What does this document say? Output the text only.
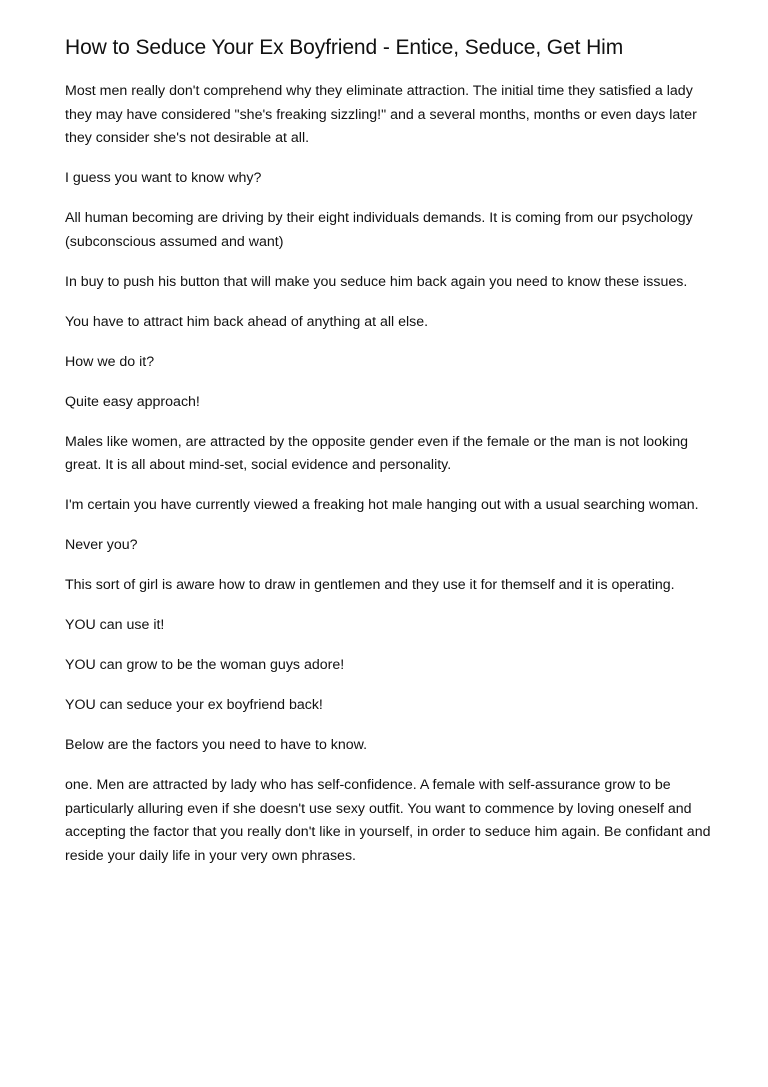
How to Seduce Your Ex Boyfriend - Entice, Seduce, Get Him

Most men really don't comprehend why they eliminate attraction. The initial time they satisfied a lady they may have considered "she's freaking sizzling!" and a several months, months or even days later they consider she's not desirable at all.

I guess you want to know why?

All human becoming are driving by their eight individuals demands. It is coming from our psychology (subconscious assumed and want)

In buy to push his button that will make you seduce him back again you need to know these issues.

You have to attract him back ahead of anything at all else.

How we do it?

Quite easy approach!

Males like women, are attracted by the opposite gender even if the female or the man is not looking great. It is all about mind-set, social evidence and personality.

I'm certain you have currently viewed a freaking hot male hanging out with a usual searching woman.

Never you?

This sort of girl is aware how to draw in gentlemen and they use it for themself and it is operating.

YOU can use it!

YOU can grow to be the woman guys adore!

YOU can seduce your ex boyfriend back!

Below are the factors you need to have to know.

one. Men are attracted by lady who has self-confidence. A female with self-assurance grow to be particularly alluring even if she doesn't use sexy outfit. You want to commence by loving oneself and accepting the factor that you really don't like in yourself, in order to seduce him again. Be confidant and reside your daily life in your very own phrases.
